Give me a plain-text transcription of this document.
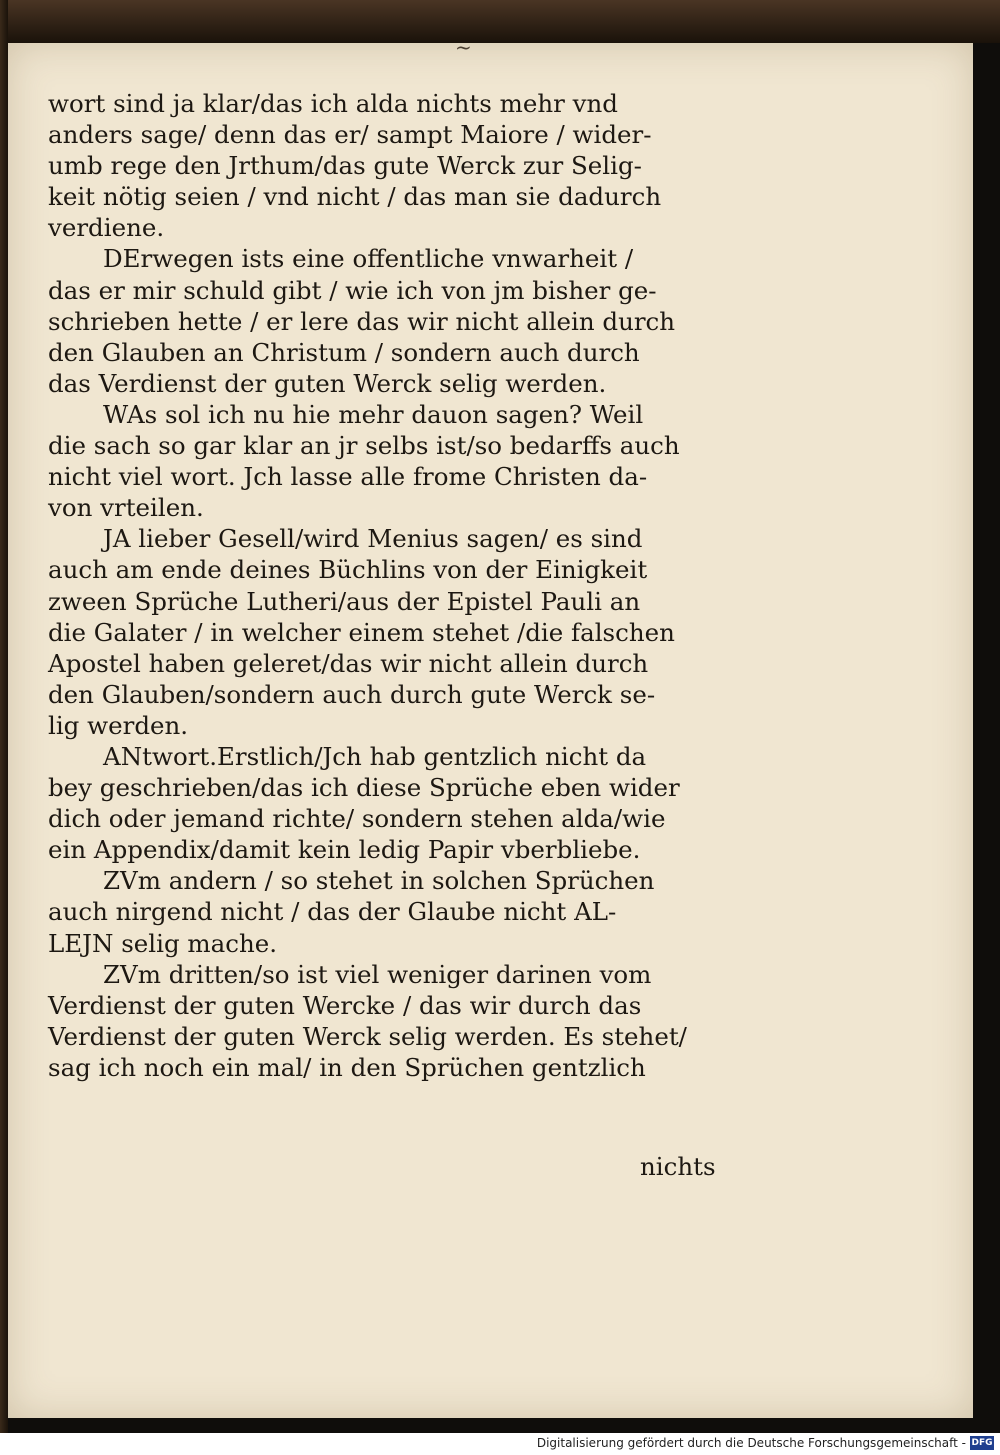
~
wort sind ja klar/das ich alda nichts mehr vnd
anders sage/ denn das er/ sampt Maiore / wider-
umb rege den Jrthum/das gute Werck zur Selig-
keit nötig seien / vnd nicht / das man sie dadurch
verdiene.
DErwegen ists eine offentliche vnwarheit /
das er mir schuld gibt / wie ich von jm bisher ge-
schrieben hette / er lere das wir nicht allein durch
den Glauben an Christum / sondern auch durch
das Verdienst der guten Werck selig werden.
WAs sol ich nu hie mehr dauon sagen? Weil
die sach so gar klar an jr selbs ist/so bedarffs auch
nicht viel wort. Jch lasse alle frome Christen da-
von vrteilen.
JA lieber Gesell/wird Menius sagen/ es sind
auch am ende deines Büchlins von der Einigkeit
zween Sprüche Lutheri/aus der Epistel Pauli an
die Galater / in welcher einem stehet /die falschen
Apostel haben geleret/das wir nicht allein durch
den Glauben/sondern auch durch gute Werck se-
lig werden.
ANtwort.Erstlich/Jch hab gentzlich nicht da
bey geschrieben/das ich diese Sprüche eben wider
dich oder jemand richte/ sondern stehen alda/wie
ein Appendix/damit kein ledig Papir vberbliebe.
ZVm andern / so stehet in solchen Sprüchen
auch nirgend nicht / das der Glaube nicht AL-
LEJN selig mache.
ZVm dritten/so ist viel weniger darinen vom
Verdienst der guten Wercke / das wir durch das
Verdienst der guten Werck selig werden. Es stehet/
sag ich noch ein mal/ in den Sprüchen gentzlich
nichts
Digitalisierung gefördert durch die Deutsche Forschungsgemeinschaft - DFG
